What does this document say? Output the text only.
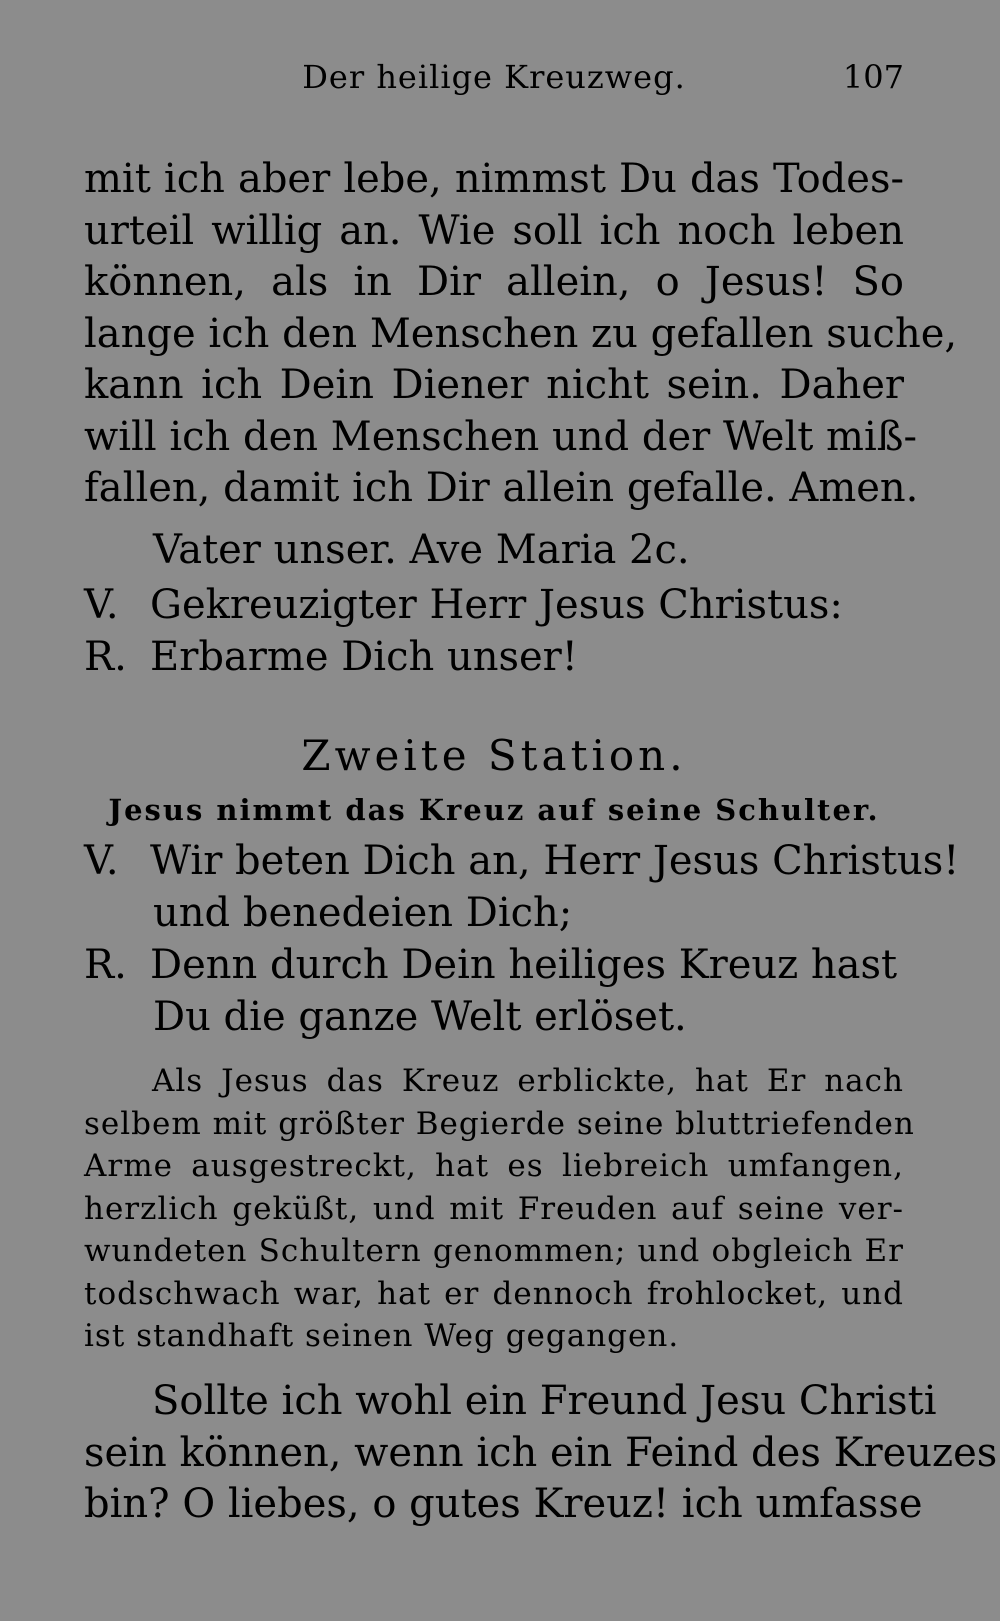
Der heilige Kreuzweg.	107
mit ich aber lebe, nimmst Du das Todes-
urteil willig an. Wie soll ich noch leben
können, als in Dir allein, o Jesus! So
lange ich den Menschen zu gefallen suche,
kann ich Dein Diener nicht sein. Daher
will ich den Menschen und der Welt miß-
fallen, damit ich Dir allein gefalle. Amen.
Vater unser. Ave Maria 2c.
V. Gekreuzigter Herr Jesus Christus:
R. Erbarme Dich unser!
Zweite Station.
Jesus nimmt das Kreuz auf seine Schulter.
V. Wir beten Dich an, Herr Jesus Christus!
und benedeien Dich;
R. Denn durch Dein heiliges Kreuz hast
Du die ganze Welt erlöset.
Als Jesus das Kreuz erblickte, hat Er nach
selbem mit größter Begierde seine bluttriefenden
Arme ausgestreckt, hat es liebreich umfangen,
herzlich geküßt, und mit Freuden auf seine ver-
wundeten Schultern genommen; und obgleich Er
todschwach war, hat er dennoch frohlocket, und
ist standhaft seinen Weg gegangen.
Sollte ich wohl ein Freund Jesu Christi
sein können, wenn ich ein Feind des Kreuzes
bin? O liebes, o gutes Kreuz! ich umfasse
